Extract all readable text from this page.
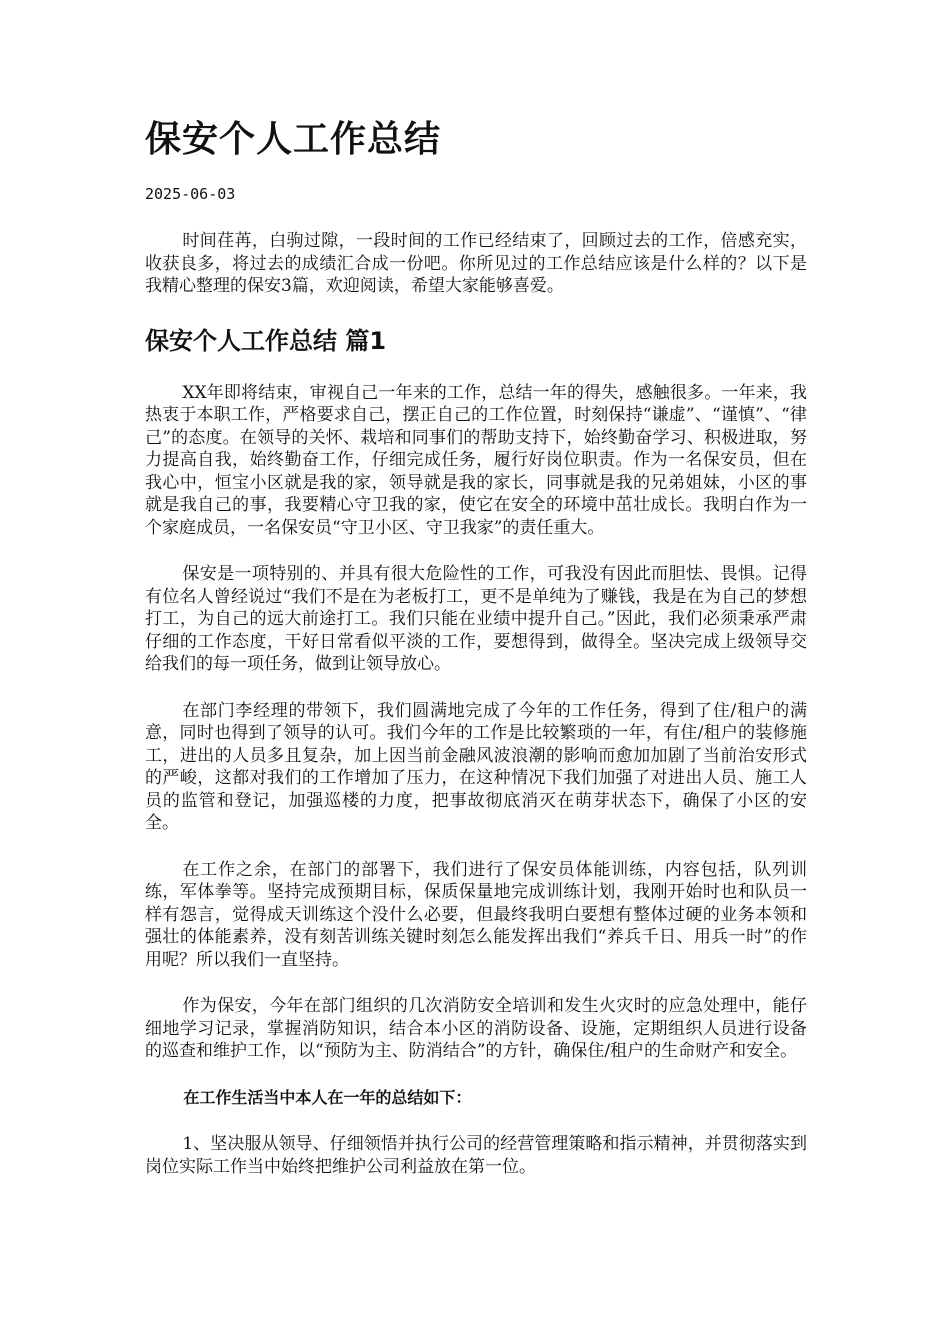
保安个人工作总结
2025-06-03

时间荏苒，白驹过隙，一段时间的工作已经结束了，回顾过去的工作，倍感充实，收获良多，将过去的成绩汇合成一份吧。你所见过的工作总结应该是什么样的？以下是我精心整理的保安3篇，欢迎阅读，希望大家能够喜爱。

保安个人工作总结 篇1

XX年即将结束，审视自己一年来的工作，总结一年的得失，感触很多。一年来，我热衷于本职工作，严格要求自己，摆正自己的工作位置，时刻保持“谦虚”、“谨慎”、“律己”的态度。在领导的关怀、栽培和同事们的帮助支持下，始终勤奋学习、积极进取，努力提高自我，始终勤奋工作，仔细完成任务，履行好岗位职责。作为一名保安员，但在我心中，恒宝小区就是我的家，领导就是我的家长，同事就是我的兄弟姐妹，小区的事就是我自己的事，我要精心守卫我的家，使它在安全的环境中茁壮成长。我明白作为一个家庭成员，一名保安员“守卫小区、守卫我家”的责任重大。

保安是一项特别的、并具有很大危险性的工作，可我没有因此而胆怯、畏惧。记得有位名人曾经说过“我们不是在为老板打工，更不是单纯为了赚钱，我是在为自己的梦想打工，为自己的远大前途打工。我们只能在业绩中提升自己。”因此，我们必须秉承严肃仔细的工作态度，干好日常看似平淡的工作，要想得到，做得全。坚决完成上级领导交给我们的每一项任务，做到让领导放心。

在部门李经理的带领下，我们圆满地完成了今年的工作任务，得到了住/租户的满意，同时也得到了领导的认可。我们今年的工作是比较繁琐的一年，有住/租户的装修施工，进出的人员多且复杂，加上因当前金融风波浪潮的影响而愈加加剧了当前治安形式的严峻，这都对我们的工作增加了压力，在这种情况下我们加强了对进出人员、施工人员的监管和登记，加强巡楼的力度，把事故彻底消灭在萌芽状态下，确保了小区的安全。

在工作之余，在部门的部署下，我们进行了保安员体能训练，内容包括，队列训练，军体拳等。坚持完成预期目标，保质保量地完成训练计划，我刚开始时也和队员一样有怨言，觉得成天训练这个没什么必要，但最终我明白要想有整体过硬的业务本领和强壮的体能素养，没有刻苦训练关键时刻怎么能发挥出我们“养兵千日、用兵一时”的作用呢？所以我们一直坚持。

作为保安，今年在部门组织的几次消防安全培训和发生火灾时的应急处理中，能仔细地学习记录，掌握消防知识，结合本小区的消防设备、设施，定期组织人员进行设备的巡查和维护工作，以“预防为主、防消结合”的方针，确保住/租户的生命财产和安全。

在工作生活当中本人在一年的总结如下：

1、坚决服从领导、仔细领悟并执行公司的经营管理策略和指示精神，并贯彻落实到岗位实际工作当中始终把维护公司利益放在第一位。
